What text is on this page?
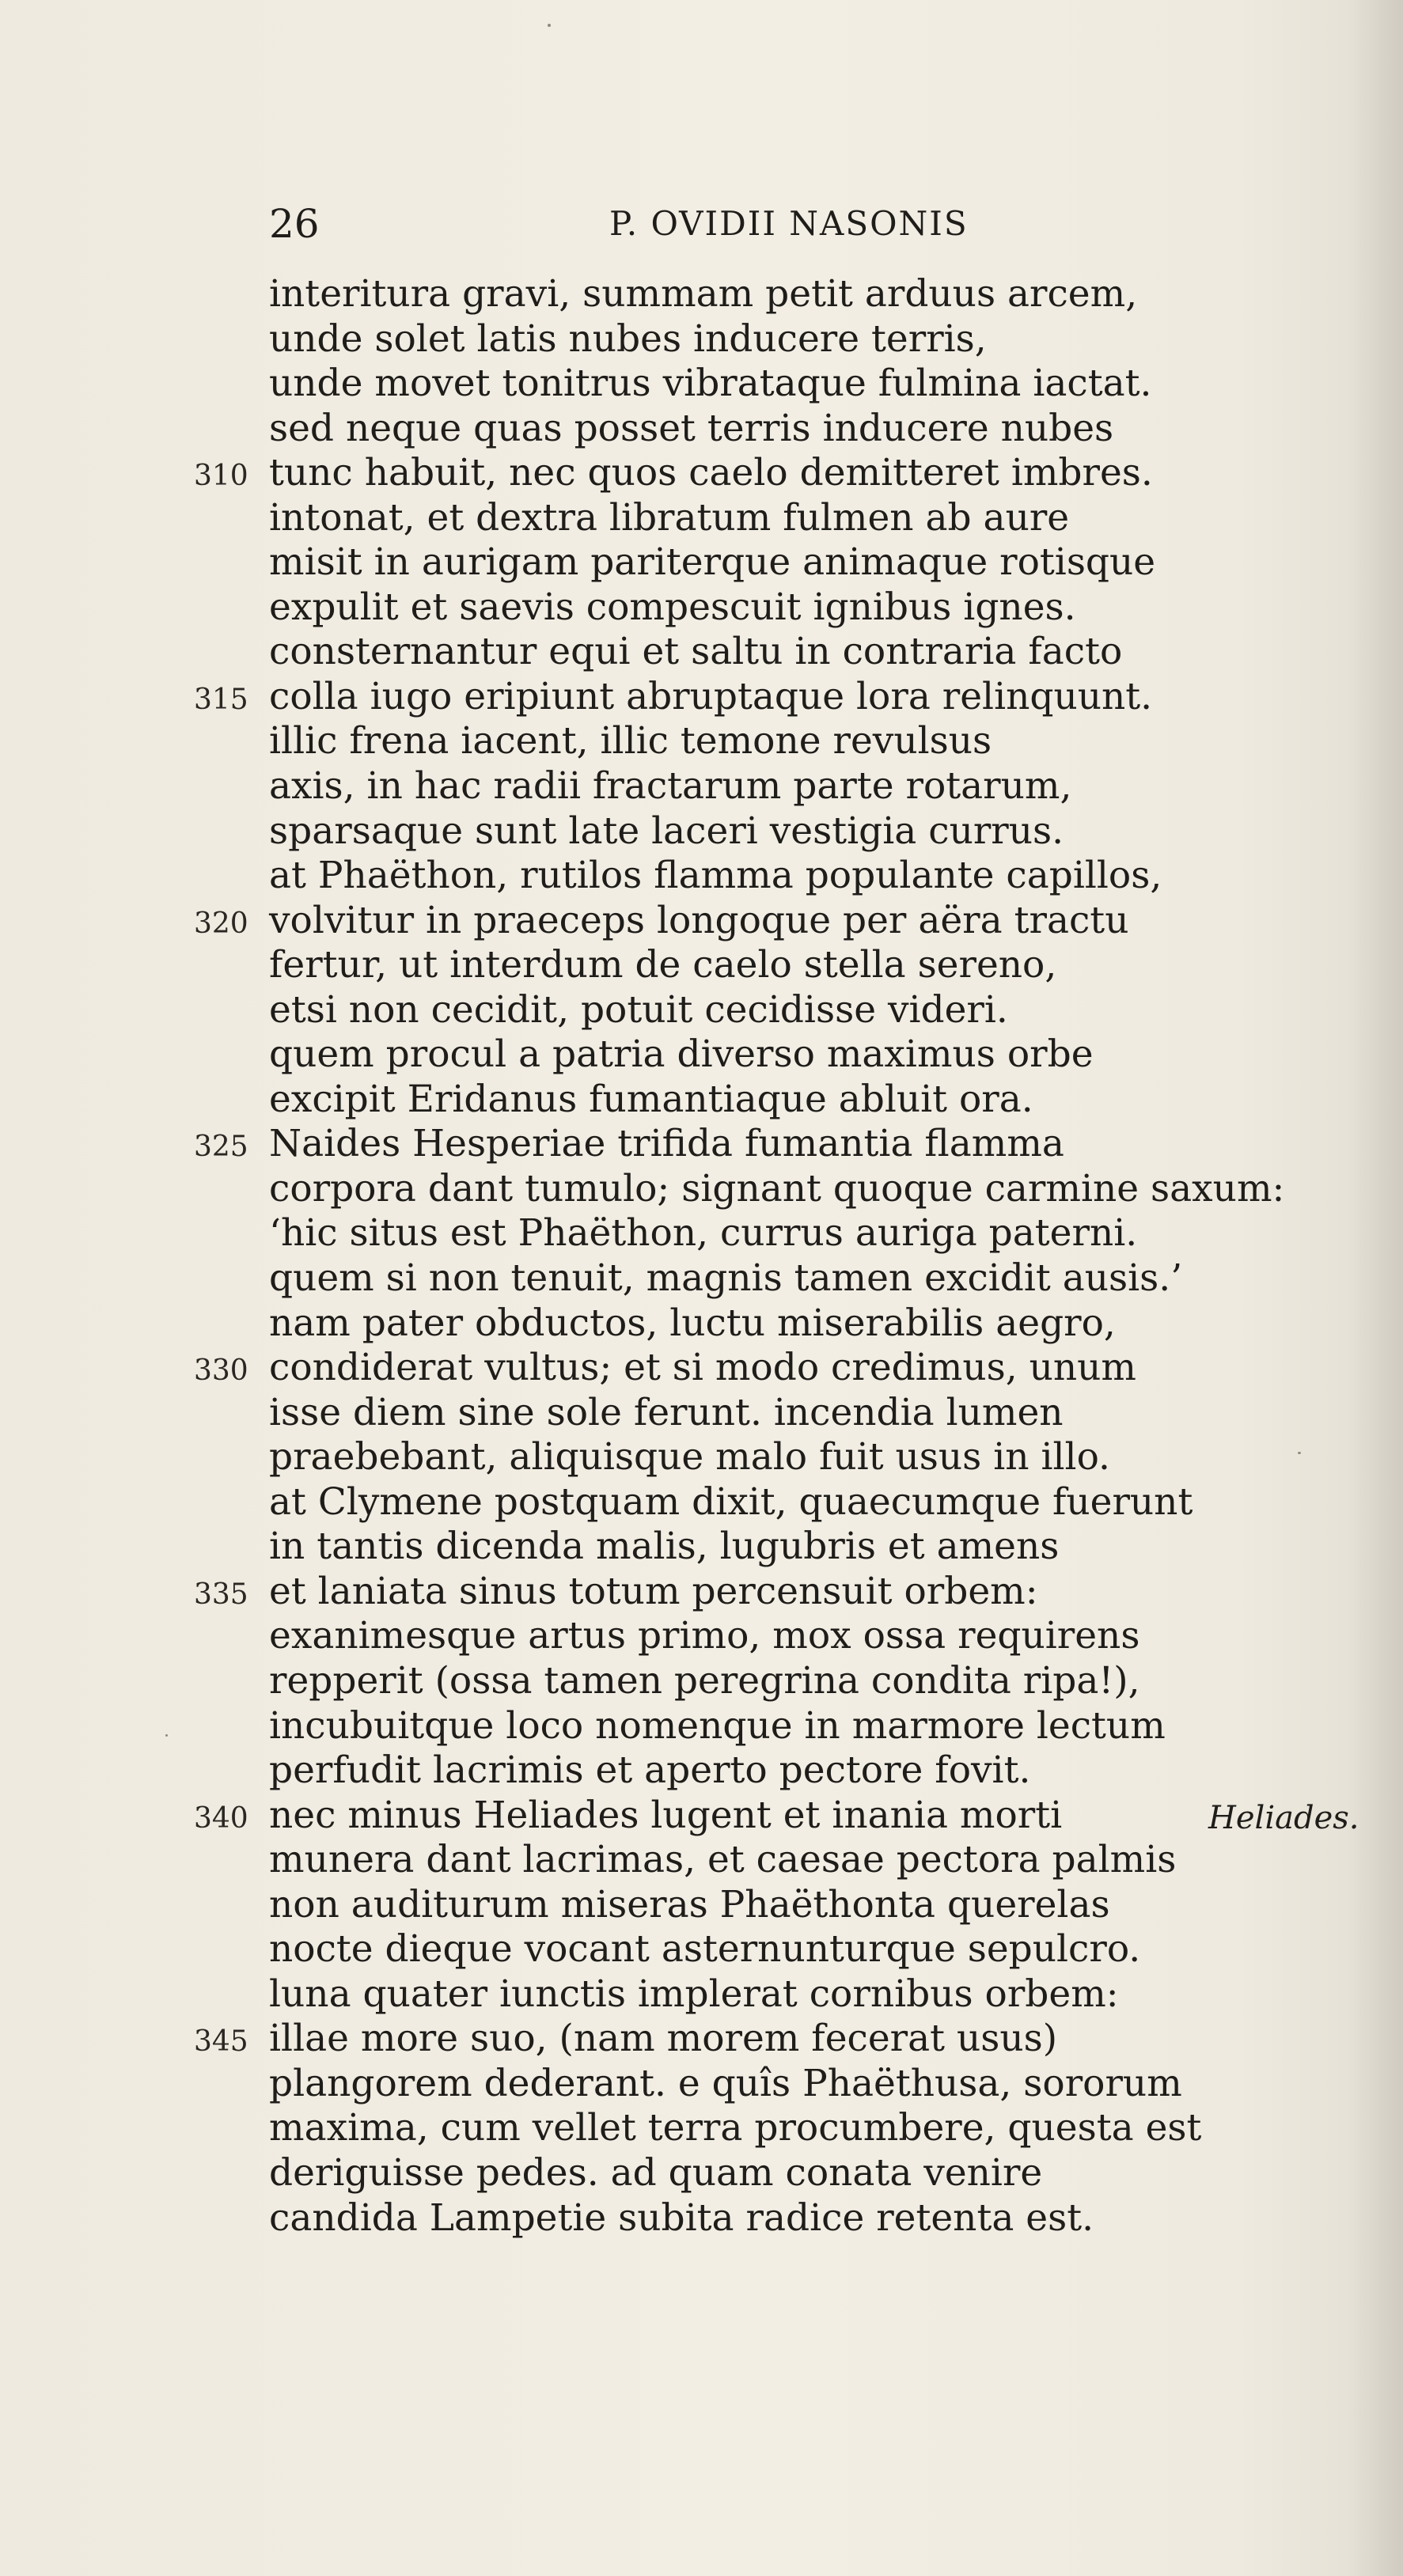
26	P. OVIDII NASONIS
interitura gravi, summam petit arduus arcem,
unde solet latis nubes inducere terris,
unde movet tonitrus vibrataque fulmina iactat.
sed neque quas posset terris inducere nubes
310 tunc habuit, nec quos caelo demitteret imbres.
intonat, et dextra libratum fulmen ab aure
misit in aurigam pariterque animaque rotisque
expulit et saevis compescuit ignibus ignes.
consternantur equi et saltu in contraria facto
315 colla iugo eripiunt abruptaque lora relinquunt.
illic frena iacent, illic temone revulsus
axis, in hac radii fractarum parte rotarum,
sparsaque sunt late laceri vestigia currus.
at Phaëthon, rutilos flamma populante capillos,
320 volvitur in praeceps longoque per aëra tractu
fertur, ut interdum de caelo stella sereno,
etsi non cecidit, potuit cecidisse videri.
quem procul a patria diverso maximus orbe
excipit Eridanus fumantiaque abluit ora.
325 Naides Hesperiae trifida fumantia flamma
corpora dant tumulo; signant quoque carmine saxum:
‘hic situs est Phaëthon, currus auriga paterni.
quem si non tenuit, magnis tamen excidit ausis.’
nam pater obductos, luctu miserabilis aegro,
330 condiderat vultus; et si modo credimus, unum
isse diem sine sole ferunt. incendia lumen
praebebant, aliquisque malo fuit usus in illo.
at Clymene postquam dixit, quaecumque fuerunt
in tantis dicenda malis, lugubris et amens
335 et laniata sinus totum percensuit orbem:
exanimesque artus primo, mox ossa requirens
repperit (ossa tamen peregrina condita ripa!),
incubuitque loco nomenque in marmore lectum
perfudit lacrimis et aperto pectore fovit.
340 nec minus Heliades lugent et inania morti	Heliades.
munera dant lacrimas, et caesae pectora palmis
non auditurum miseras Phaëthonta querelas
nocte dieque vocant asternunturque sepulcro.
luna quater iunctis implerat cornibus orbem:
345 illae more suo, (nam morem fecerat usus)
plangorem dederant. e quîs Phaëthusa, sororum
maxima, cum vellet terra procumbere, questa est
deriguisse pedes. ad quam conata venire
candida Lampetie subita radice retenta est.
